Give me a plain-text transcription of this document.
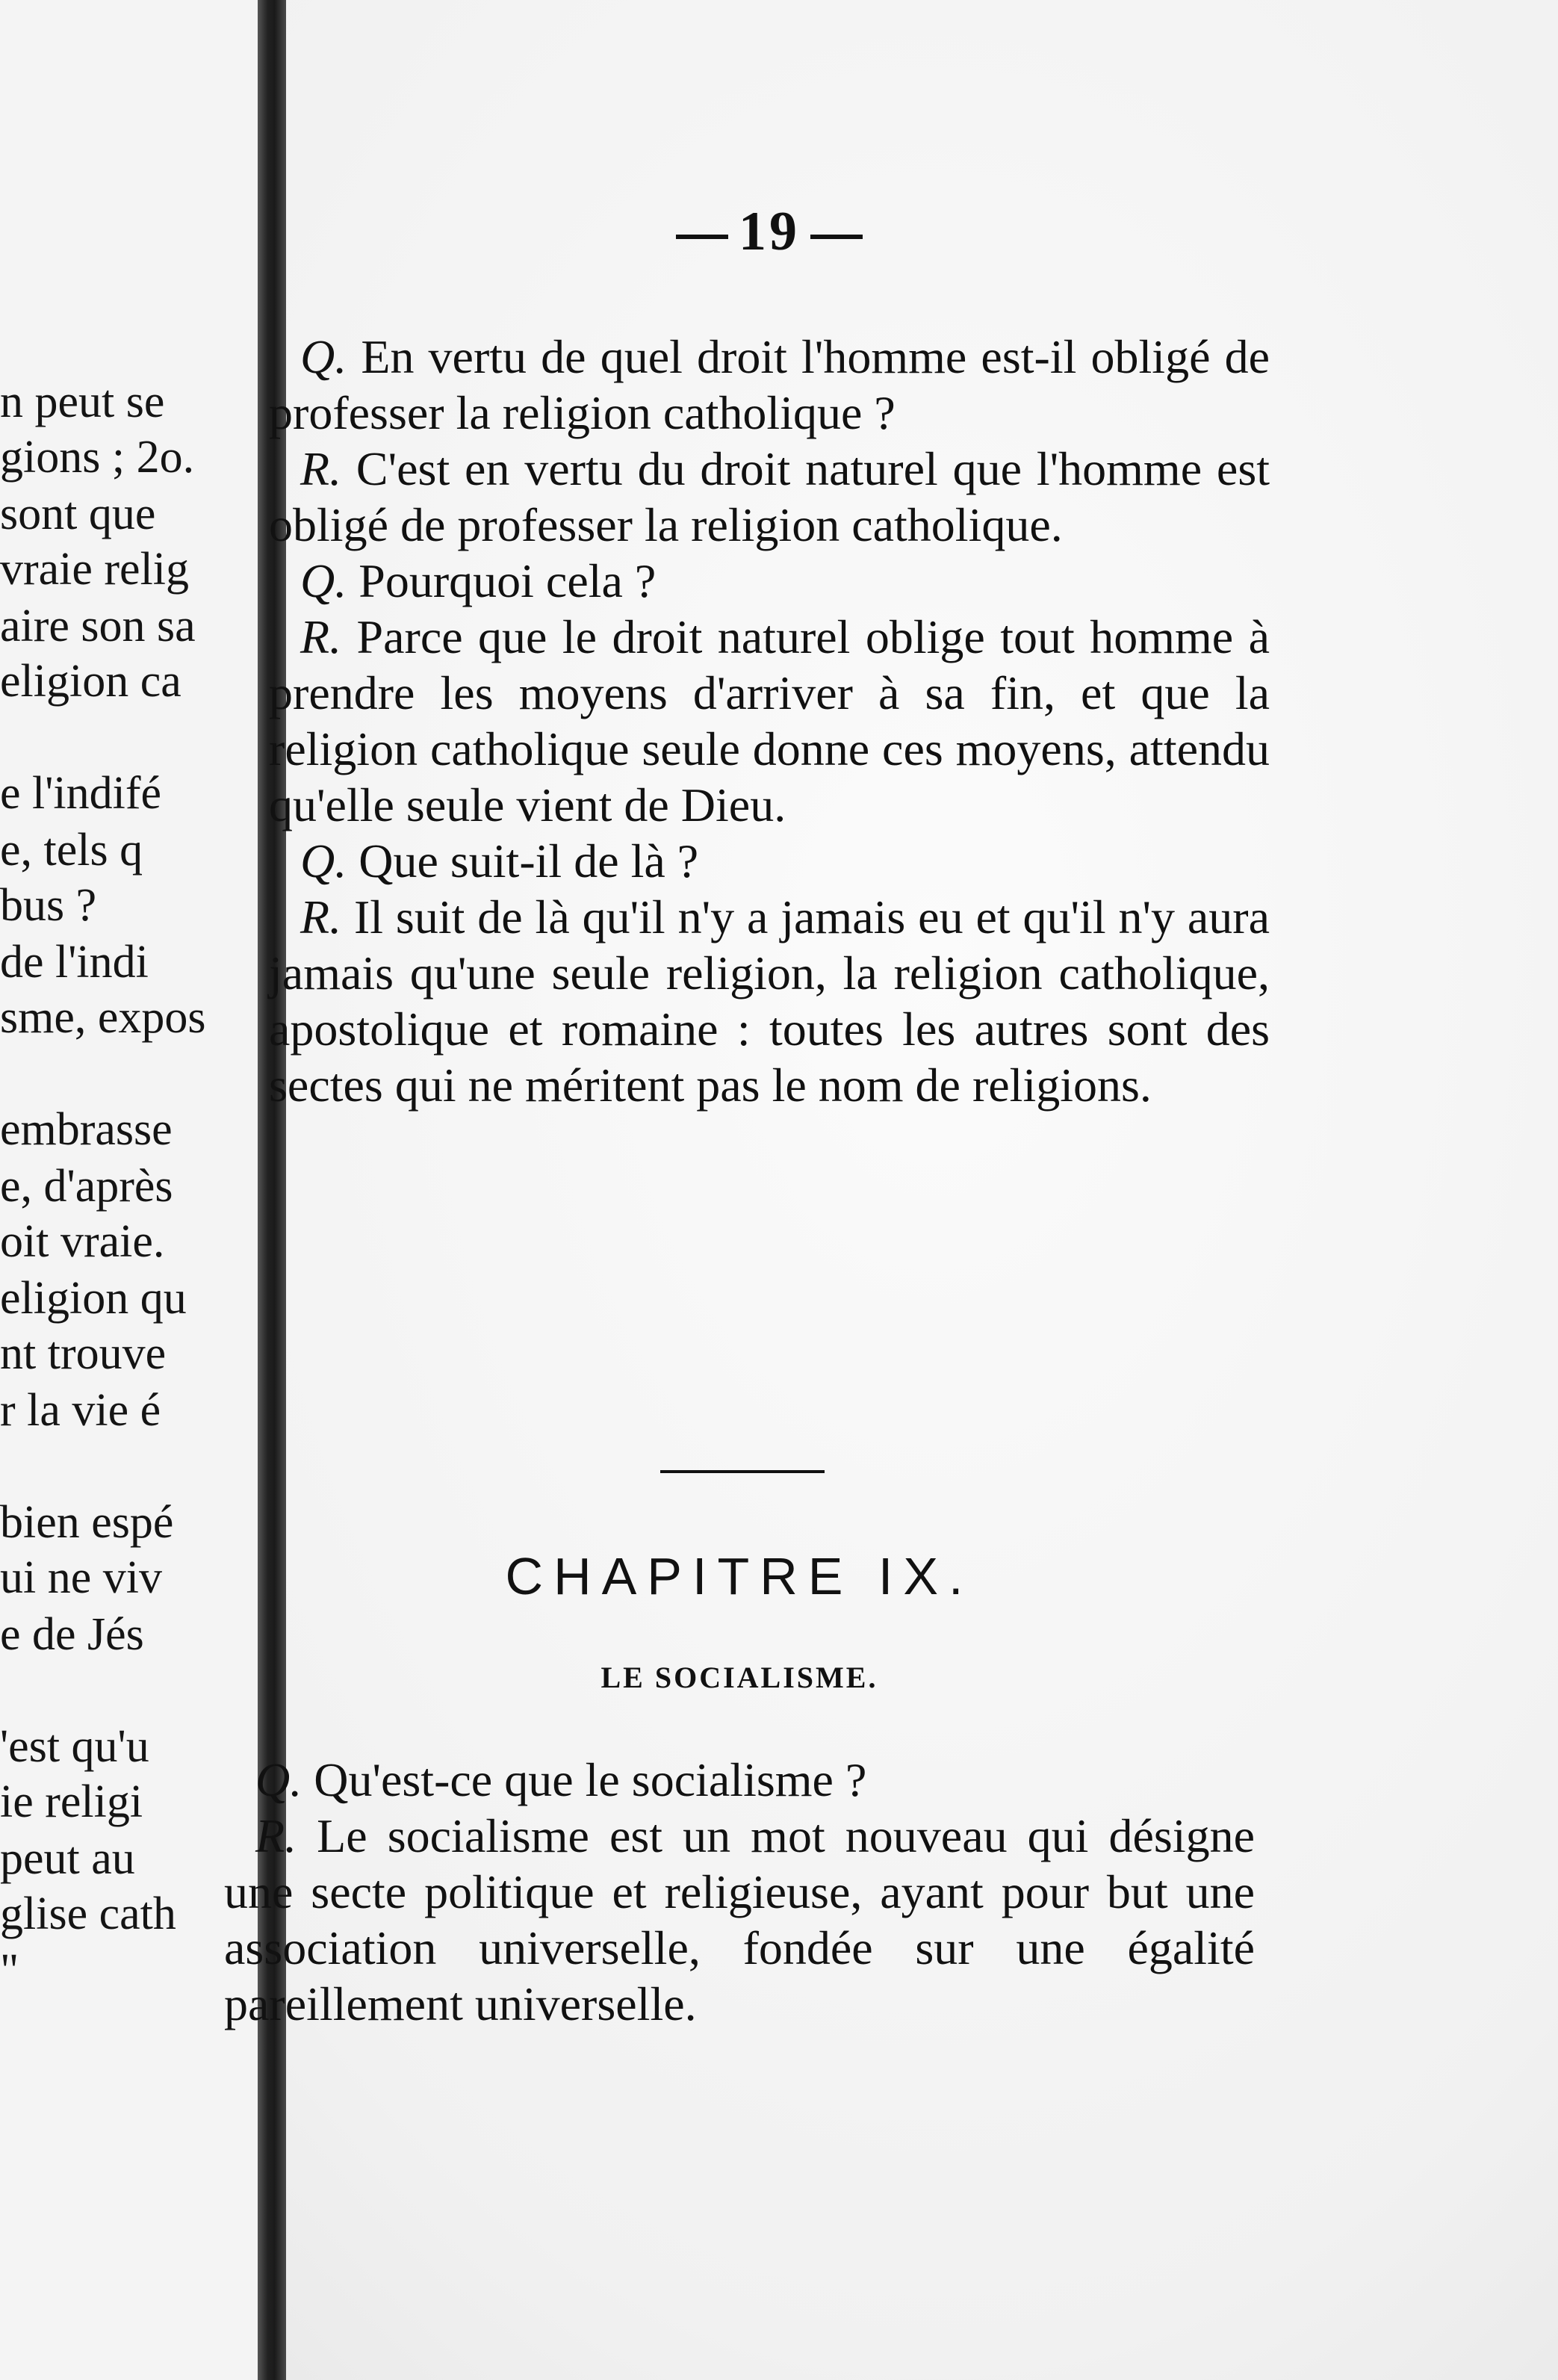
n peut se

gions ; 2o.

sont que

vraie relig

aire son sa

eligion ca

e l'indifé

e, tels q

bus ?

de l'indi

sme, expos

embrasse

e, d'après

oit vraie.

eligion qu

nt trouve

r la vie é

bien espé

ui ne viv

e de Jés

'est qu'u

ie religi

peut au

glise cath

"

19

Q. En vertu de quel droit l'homme est-il obligé de professer la religion catholique ?

R. C'est en vertu du droit naturel que l'homme est obligé de professer la religion catholique.

Q. Pourquoi cela ?

R. Parce que le droit naturel oblige tout homme à prendre les moyens d'arriver à sa fin, et que la religion catholique seule donne ces moyens, attendu qu'elle seule vient de Dieu.

Q. Que suit-il de là ?

R. Il suit de là qu'il n'y a jamais eu et qu'il n'y aura jamais qu'une seule religion, la religion catholique, apostolique et romaine : toutes les autres sont des sectes qui ne méritent pas le nom de religions.

CHAPITRE IX.
LE SOCIALISME.

Q. Qu'est-ce que le socialisme ?

R. Le socialisme est un mot nouveau qui désigne une secte politique et religieuse, ayant pour but une association universelle, fondée sur une égalité pareillement universelle.
